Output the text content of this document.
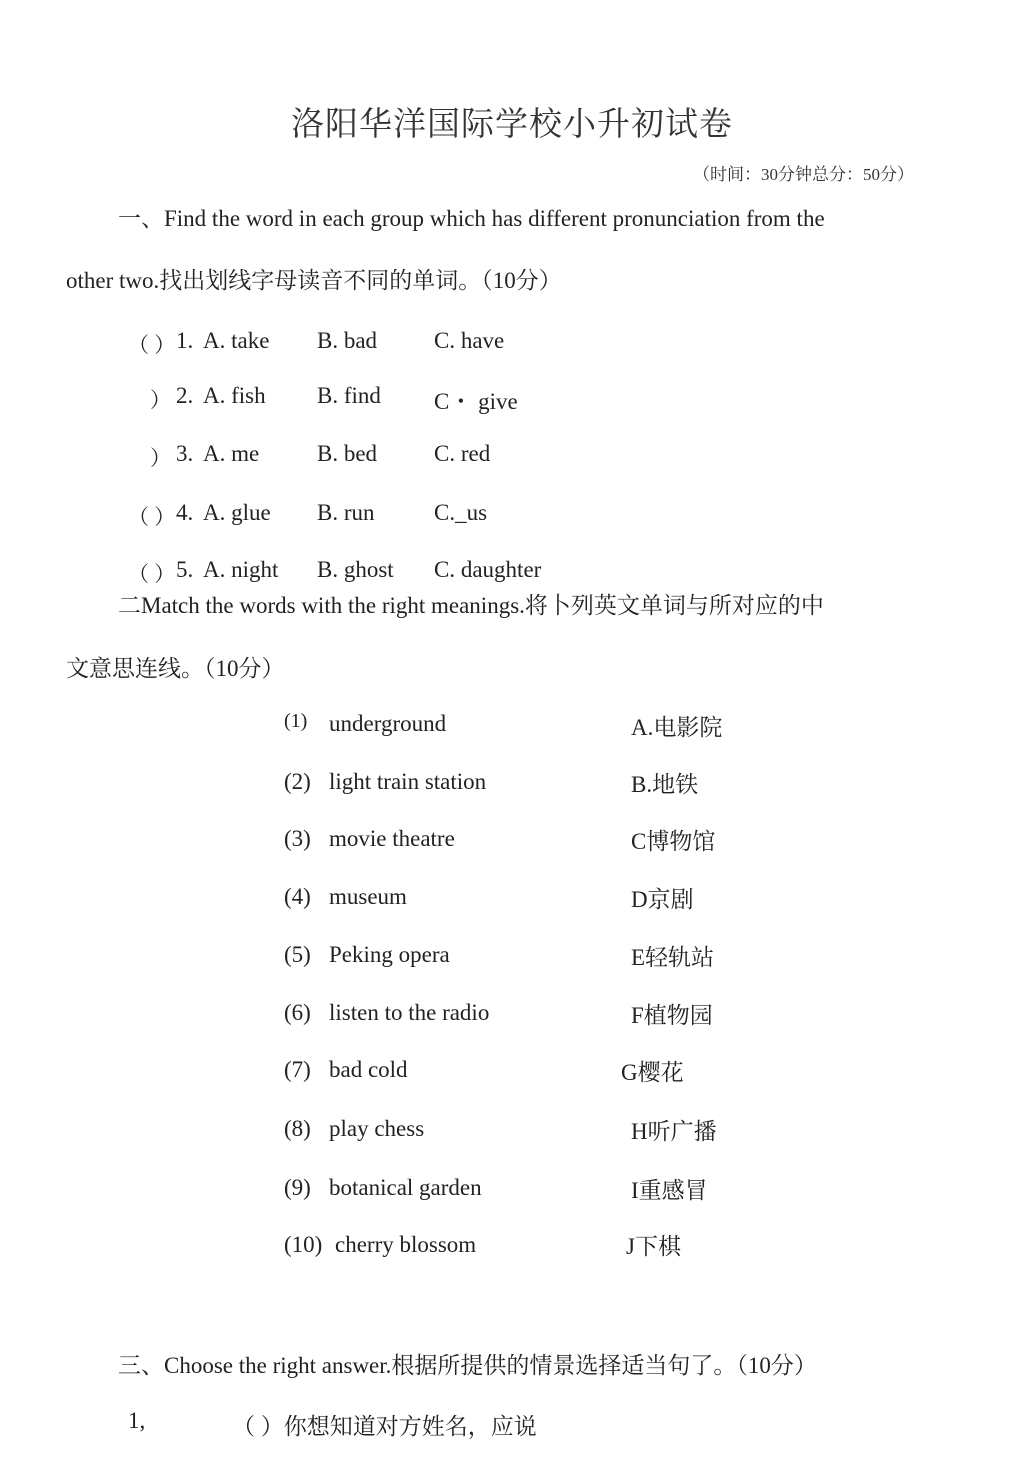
洛阳华洋国际学校小升初试卷
（时间：30分钟总分：50分）
一、Find the word in each group which has different pronunciation from the
other two.找出划线字母读音不同的单词。（10分）
（ ） 1. A. take B. bad C. have
） 2. A. fish B. find C・ give
） 3. A. me	B. bed C. red
（ ） 4. A. glue B. run	C._us
（ ） 5. A. night B. ghost C. daughter
二Match the words with the right meanings.将卜列英文单词与所对应的中
文意思连线。（10分）
(1) underground	A.电影院
(2) light train station	B.地铁
(3) movie theatre	C博物馆
(4) museum	D京剧
(5) Peking opera	E轻轨站
(6) listen to the radio	F植物园
(7) bad cold	G樱花
(8) play chess	H听广播
(9) botanical garden	I重感冒
(10) cherry blossom	J下棋
三、Choose the right answer.根据所提供的情景选择适当句了。（10分）
1,	（ ）你想知道对方姓名，应说
